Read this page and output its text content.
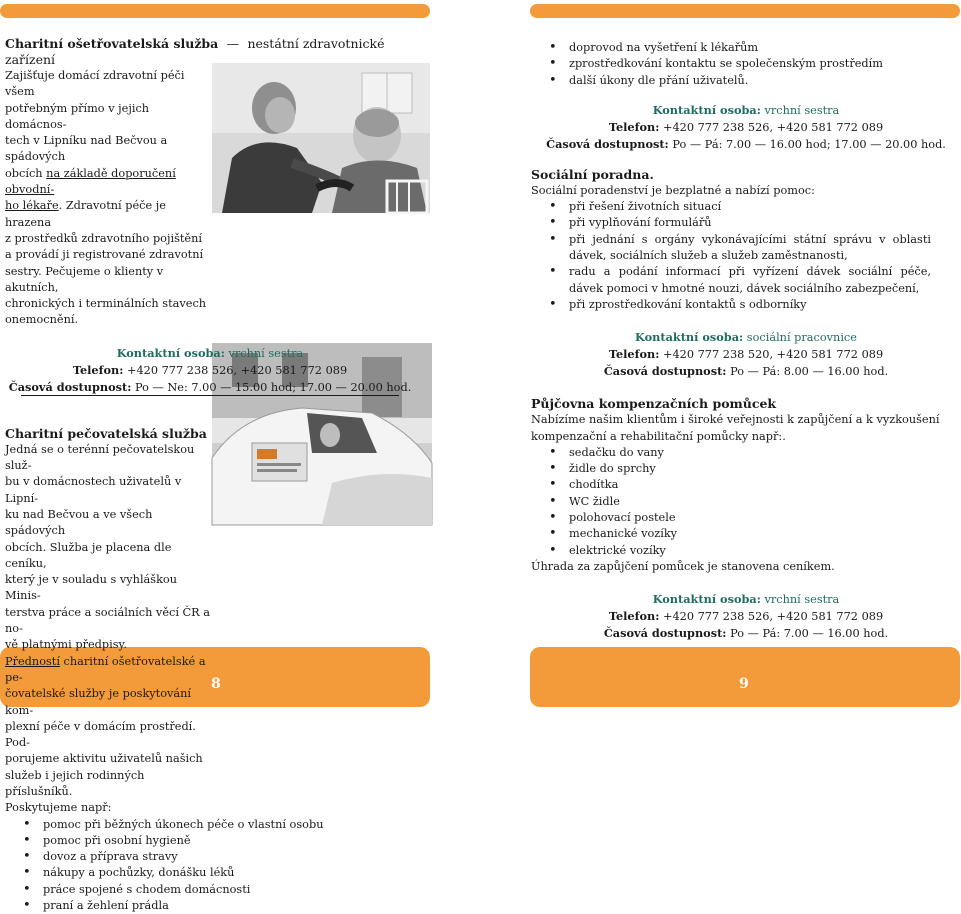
8	9
Charitní ošetřovatelská služba  —  nestátní zdravotnické zařízení
Zajišťuje domácí zdravotní péči všem
potřebným přímo v jejich domácnos-
tech v Lipníku nad Bečvou a spádových
obcích na základě doporučení obvodní-
ho lékaře. Zdravotní péče je hrazena
z prostředků zdravotního pojištění
a provádí ji registrované zdravotní
sestry. Pečujeme o klienty v akutních,
chronických i terminálních stavech
onemocnění.
Kontaktní osoba: vrchní sestra
Telefon: +420 777 238 526, +420 581 772 089
Časová dostupnost: Po — Ne: 7.00 — 15.00 hod; 17.00 — 20.00 hod.
Charitní pečovatelská služba
Jedná se o terénní pečovatelskou služ-
bu v domácnostech uživatelů v Lipní-
ku nad Bečvou a ve všech spádových
obcích. Služba je placena dle ceníku,
který je v souladu s vyhláškou Minis-
terstva práce a sociálních věcí ČR a no-
vě platnými předpisy.
Předností charitní ošetřovatelské a pe-
čovatelské služby je poskytování kom-
plexní péče v domácím prostředí. Pod-
porujeme aktivitu uživatelů našich
služeb i jejich rodinných příslušníků.
Poskytujeme např:
• pomoc při běžných úkonech péče o vlastní osobu
• pomoc při osobní hygieně
• dovoz a příprava stravy
• nákupy a pochůzky, donášku léků
• práce spojené s chodem domácnosti
• praní a žehlení prádla
• doprovod na vyšetření k lékařům
• zprostředkování kontaktu se společenským prostředím
• další úkony dle přání uživatelů.
Kontaktní osoba: vrchní sestra
Telefon: +420 777 238 526, +420 581 772 089
Časová dostupnost: Po — Pá: 7.00 — 16.00 hod; 17.00 — 20.00 hod.
Sociální poradna.
Sociální poradenství je bezplatné a nabízí pomoc:
• při řešení životních situací
• při vyplňování formulářů
• při jednání s orgány vykonávajícími státní správu v oblasti dávek, sociálních služeb a služeb zaměstnanosti,
• radu a podání informací při vyřízení dávek sociální péče, dávek pomoci v hmotné nouzi, dávek sociálního zabezpečení,
• při zprostředkování kontaktů s odborníky
Kontaktní osoba: sociální pracovnice
Telefon: +420 777 238 520, +420 581 772 089
Časová dostupnost: Po — Pá: 8.00 — 16.00 hod.
Půjčovna kompenzačních pomůcek
Nabízíme našim klientům i široké veřejnosti k zapůjčení a k vyzkoušení kompenzační a rehabilitační pomůcky např:.
• sedačku do vany
• židle do sprchy
• chodítka
• WC židle
• polohovací postele
• mechanické vozíky
• elektrické vozíky
Úhrada za zapůjčení pomůcek je stanovena ceníkem.
Kontaktní osoba: vrchní sestra
Telefon: +420 777 238 526, +420 581 772 089
Časová dostupnost: Po — Pá: 7.00 — 16.00 hod.
